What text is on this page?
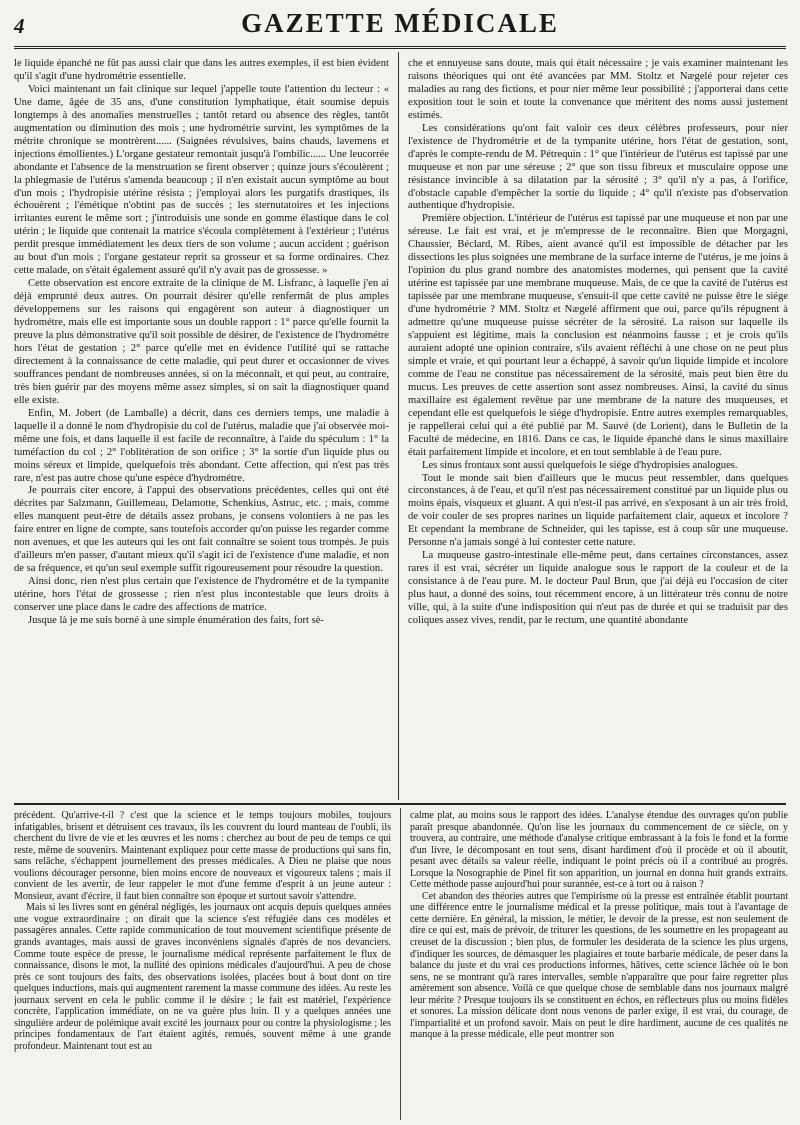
4	GAZETTE MÉDICALE

le liquide épanché ne fût pas aussi clair que dans les autres exemples, il est bien évident qu'il s'agit d'une hydrométrie essentielle.

Voici maintenant un fait clinique sur lequel j'appelle toute l'attention du lecteur : « Une dame, âgée de 35 ans, d'une constitution lymphatique, était soumise depuis longtemps à des anomalies menstruelles ; tantôt retard ou absence des règles, tantôt augmentation ou diminution des mois ; une hydrométrie survint, les symptômes de la métrite chronique se montrèrent...... (Saignées révulsives, bains chauds, lavemens et injections émollientes.) L'organe gestateur remontait jusqu'à l'ombilic...... Une leucorrée abondante et l'absence de la menstruation se firent observer ; quinze jours s'écoulèrent ; la phlegmasie de l'utérus s'amenda beaucoup ; il n'en existait aucun symptôme au bout d'un mois ; l'hydropisie utérine résista ; j'employai alors les purgatifs drastiques, ils échouèrent ; l'émétique n'obtint pas de succès ; les sternutatoires et les injections irritantes eurent le même sort ; j'introduisis une sonde en gomme élastique dans le col utérin ; le liquide que contenait la matrice s'écoula complètement à l'extérieur ; l'utérus perdit presque immédiatement les deux tiers de son volume ; aucun accident ; guérison au bout d'un mois ; l'organe gestateur reprit sa grosseur et sa forme ordinaires. Chez cette malade, on s'était également assuré qu'il n'y avait pas de grossesse. »

Cette observation est encore extraite de la clinique de M. Lisfranc, à laquelle j'en ai déjà emprunté deux autres. On pourrait désirer qu'elle renfermât de plus amples développemens sur les raisons qui engagèrent son auteur à diagnostiquer un hydrométre, mais elle est importante sous un double rapport : 1° parce qu'elle fournit la preuve la plus démonstrative qu'il soit possible de désirer, de l'existence de l'hydrométre hors l'état de gestation ; 2° parce qu'elle met en évidence l'utilité qui se rattache directement à la connaissance de cette maladie, qui peut durer et occasionner de vives souffrances pendant de nombreuses années, si on la méconnaît, et qui peut, au contraire, très bien guérir par des moyens même assez simples, si on sait la diagnostiquer quand elle existe.

Enfin, M. Jobert (de Lamballe) a décrit, dans ces derniers temps, une maladie à laquelle il a donné le nom d'hydropisie du col de l'utérus, maladie que j'ai observée moi-même une fois, et dans laquelle il est facile de reconnaître, à l'aide du spéculum : 1° la tuméfaction du col ; 2° l'oblitération de son orifice ; 3° la sortie d'un liquide plus ou moins séreux et limpide, quelquefois très abondant. Cette affection, qui n'est pas très rare, n'est pas autre chose qu'une espèce d'hydrométre.

Je pourrais citer encore, à l'appui des observations précédentes, celles qui ont été décrites par Salzmann, Guillemeau, Delamotte, Schenkius, Astruc, etc. ; mais, comme elles manquent peut-être de détails assez probans, je consens volontiers à ne pas les faire entrer en ligne de compte, sans toutefois accorder qu'on puisse les regarder comme non avenues, et que les auteurs qui les ont fait connaître se soient tous trompés. Je puis d'ailleurs m'en passer, d'autant mieux qu'il s'agit ici de l'existence d'une maladie, et non de sa fréquence, et qu'un seul exemple suffit rigoureusement pour résoudre la question.

Ainsi donc, rien n'est plus certain que l'existence de l'hydrométre et de la tympanite utérine, hors l'état de grossesse ; rien n'est plus incontestable que leurs droits à conserver une place dans le cadre des affections de matrice.

Jusque là je me suis borné à une simple énumération des faits, fort sè-

che et ennuyeuse sans doute, mais qui était nécessaire ; je vais examiner maintenant les raisons théoriques qui ont été avancées par MM. Stoltz et Nægelé pour rejeter ces maladies au rang des fictions, et pour nier même leur possibilité ; j'apporterai dans cette exposition tout le soin et toute la convenance que méritent des noms aussi justement estimés.

Les considérations qu'ont fait valoir ces deux célèbres professeurs, pour nier l'existence de l'hydrométrie et de la tympanite utérine, hors l'état de gestation, sont, d'après le compte-rendu de M. Pétrequin : 1° que l'intérieur de l'utérus est tapissé par une muqueuse et non par une séreuse ; 2° que son tissu fibreux et musculaire oppose une résistance invincible à sa dilatation par la sérosité ; 3° qu'il n'y a pas, à l'orifice, d'obstacle capable d'empêcher la sortie du liquide ; 4° qu'il n'existe pas d'observation authentique d'hydropisie.

Première objection. L'intérieur de l'utérus est tapissé par une muqueuse et non par une séreuse. Le fait est vrai, et je m'empresse de le reconnaître. Bien que Morgagni, Chaussier, Béclard, M. Ribes, aient avancé qu'il est impossible de détacher par les dissections les plus soignées une membrane de la surface interne de l'utérus, je me joins à l'opinion du plus grand nombre des anatomistes modernes, qui pensent que la cavité utérine est tapissée par une membrane muqueuse. Mais, de ce que la cavité de l'utérus est tapissée par une membrane muqueuse, s'ensuit-il que cette cavité ne puisse être le siége d'une hydrométrie ? MM. Stoltz et Nægelé affirment que oui, parce qu'ils répugnent à admettre qu'une muqueuse puisse sécréter de la sérosité. La raison sur laquelle ils s'appuient est légitime, mais la conclusion est néanmoins fausse ; et je crois qu'ils auraient adopté une opinion contraire, s'ils avaient réfléchi à une chose on ne peut plus simple et vraie, et qui pourtant leur a échappé, à savoir qu'un liquide limpide et incolore comme de l'eau ne constitue pas nécessairement de la sérosité, mais peut bien être du mucus. Les preuves de cette assertion sont assez nombreuses. Ainsi, la cavité du sinus maxillaire est également revêtue par une membrane de la nature des muqueuses, et cependant elle est quelquefois le siége d'hydropisie. Entre autres exemples remarquables, je rappellerai celui qui a été publié par M. Sauvé (de Lorient), dans le Bulletin de la Faculté de médecine, en 1816. Dans ce cas, le liquide épanché dans le sinus maxillaire était parfaitement limpide et incolore, et en tout semblable à de l'eau pure.

Les sinus frontaux sont aussi quelquefois le siége d'hydropisies analogues.

Tout le monde sait bien d'ailleurs que le mucus peut ressembler, dans quelques circonstances, à de l'eau, et qu'il n'est pas nécessairement constitué par un liquide plus ou moins épais, visqueux et gluant. A qui n'est-il pas arrivé, en s'exposant à un air très froid, de voir couler de ses propres narines un liquide parfaitement clair, aqueux et incolore ? Et cependant la membrane de Schneider, qui les tapisse, est à coup sûr une muqueuse. Personne n'a jamais songé à lui contester cette nature.

La muqueuse gastro-intestinale elle-même peut, dans certaines circonstances, assez rares il est vrai, sécréter un liquide analogue sous le rapport de la couleur et de la consistance à de l'eau pure. M. le docteur Paul Brun, que j'ai déjà eu l'occasion de citer plus haut, a donné des soins, tout récemment encore, à un littérateur très connu de notre ville, qui, à la suite d'une indisposition qui n'eut pas de durée et qui se traduisit par des coliques assez vives, rendit, par le rectum, une quantité abondante

précédent. Qu'arrive-t-il ? c'est que la science et le temps toujours mobiles, toujours infatigables, brisent et détruisent ces travaux, ils les couvrent du lourd manteau de l'oubli, ils cherchent du livre de vie et les œuvres et les noms : cherchez au bout de peu de temps ce qui reste, même de souvenirs. Maintenant expliquez pour cette masse de productions qui sans fin, sans relâche, s'échappent journellement des presses médicales. A Dieu ne plaise que nous voulions décourager personne, bien moins encore de nouveaux et vigoureux talens ; mais il convient de les avertir, de leur rappeler le mot d'une femme d'esprit à un jeune auteur : Monsieur, avant d'écrire, il faut bien connaître son époque et surtout savoir s'attendre.

Mais si les livres sont en général négligés, les journaux ont acquis depuis quelques années une vogue extraordinaire ; on dirait que la science s'est réfugiée dans ces modèles et passagères annales. Cette rapide communication de tout mouvement scientifique présente de grands avantages, mais aussi de graves inconvéniens signalés d'après de nos devanciers. Comme toute espèce de presse, le journalisme médical représente parfaitement le flux de connaissance, disons le mot, la nullité des opinions médicales d'aujourd'hui. A peu de chose près ce sont toujours des faits, des observations isolées, placées bout à bout dont on tire quelques inductions, mais qui augmentent rarement la masse commune des idées. Au reste les journaux servent en cela le public comme il le désire ; le fait est matériel, l'expérience concrète, l'application immédiate, on ne va guère plus loin. Il y a quelques années une singulière ardeur de polémique avait excité les journaux pour ou contre la physiologisme ; les principes fondamentaux de l'art étaient agités, remués, souvent même à une grande profondeur. Maintenant tout est au

calme plat, au moins sous le rapport des idées. L'analyse étendue des ouvrages qu'on publie paraît presque abandonnée. Qu'on lise les journaux du commencement de ce siècle, on y trouvera, au contraire, une méthode d'analyse critique embrassant à la fois le fond et la forme d'un livre, le décomposant en tout sens, disant hardiment d'où il procède et où il aboutit, pesant avec détails sa valeur réelle, indiquant le point précis où il a contribué au progrès. Lorsque la Nosographie de Pinel fit son apparition, un journal en donna huit grands extraits. Cette méthode passe aujourd'hui pour surannée, est-ce à tort ou à raison ?

Cet abandon des théories autres que l'empirisme où la presse est entraînée établit pourtant une différence entre le journalisme médical et la presse politique, mais tout à l'avantage de cette dernière. En général, la mission, le métier, le devoir de la presse, est non seulement de dire ce qui est, mais de prévoir, de triturer les questions, de les soumettre en les propageant au creuset de la discussion ; bien plus, de formuler les desiderata de la science les plus urgens, d'indiquer les sources, de démasquer les plagiaires et toute barbarie médicale, de peser dans la balance du juste et du vrai ces productions informes, hâtives, cette science lâchée où le bon sens, ne se montrant qu'à rares intervalles, semble n'apparaître que pour faire regretter plus amèrement son absence. Voilà ce que quelque chose de semblable dans nos journaux malgré leur mérite ? Presque toujours ils se constituent en échos, en réflecteurs plus ou moins fidèles et sonores. La mission délicate dont nous venons de parler exige, il est vrai, du courage, de l'impartialité et un profond savoir. Mais on peut le dire hardiment, aucune de ces qualités ne manque à la presse médicale, elle peut montrer son
